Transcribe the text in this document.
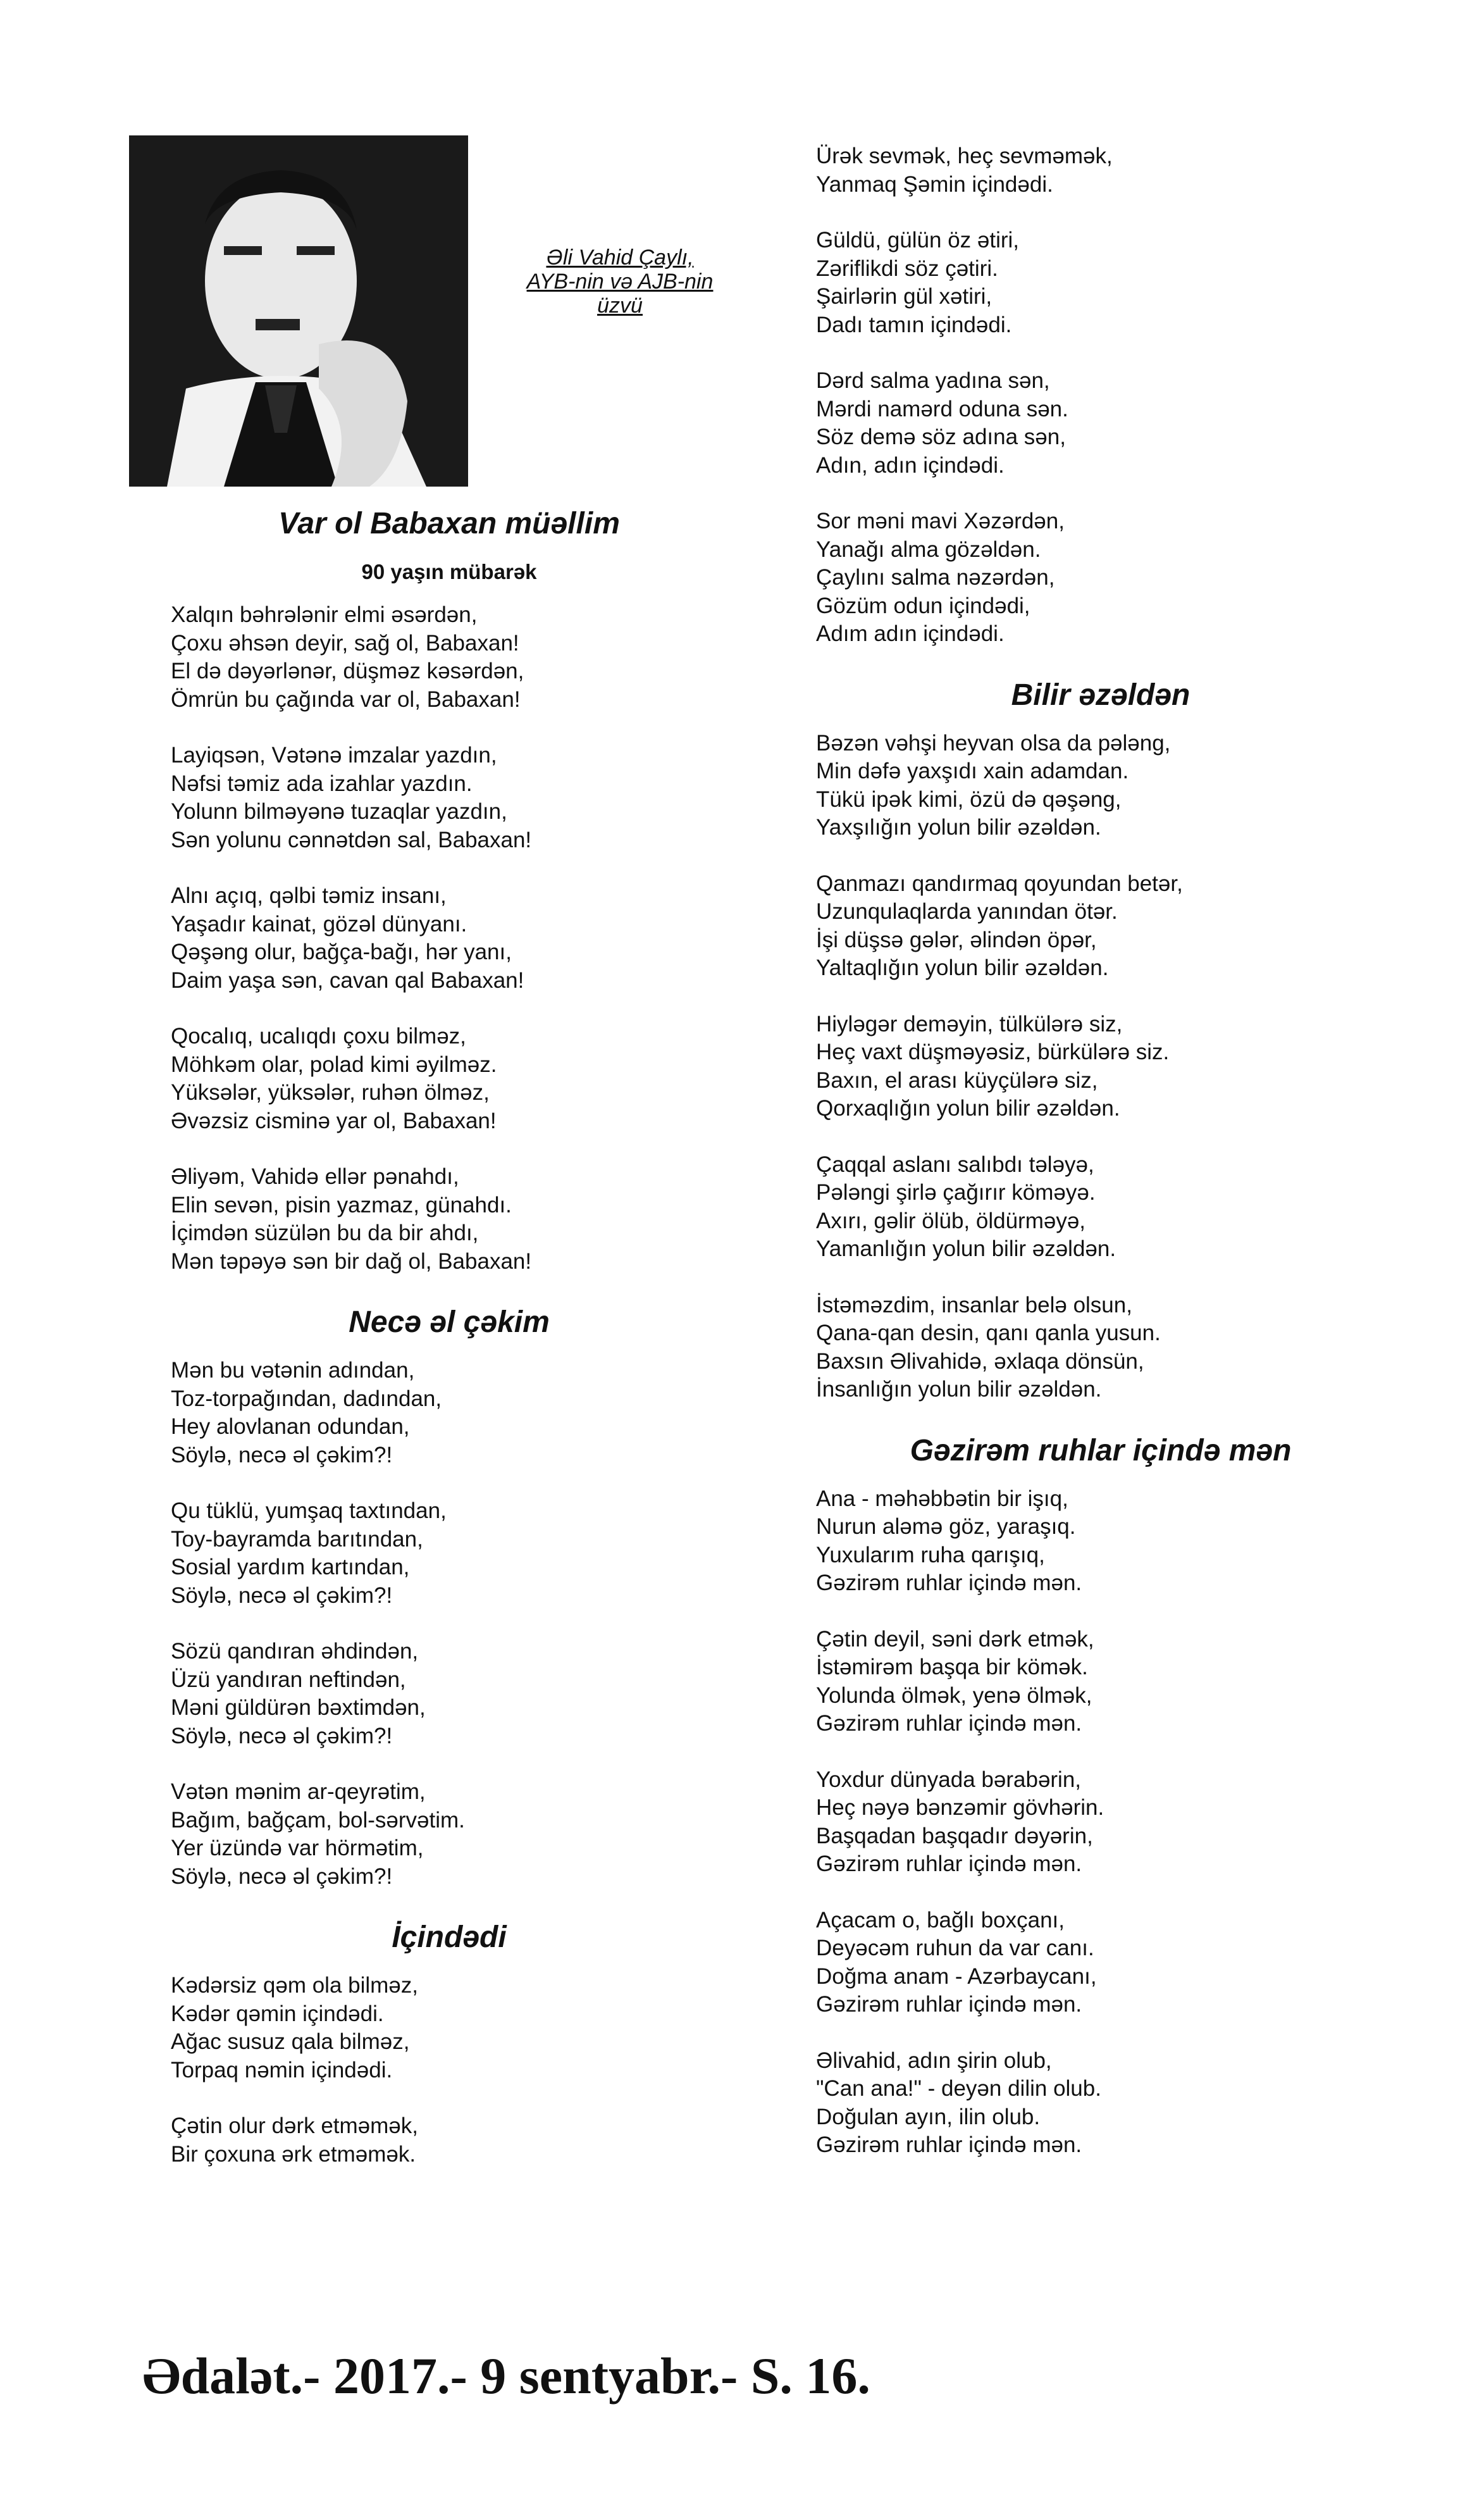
Əli Vahid Çaylı,
AYB-nin və AJB-nin
üzvü
Var ol Babaxan müəllim
90 yaşın mübarək
Xalqın bəhrələnir elmi əsərdən,
Çoxu əhsən deyir, sağ ol, Babaxan!
El də dəyərlənər, düşməz kəsərdən,
Ömrün bu çağında var ol, Babaxan!
Layiqsən, Vətənə imzalar yazdın,
Nəfsi təmiz ada izahlar yazdın.
Yolunn bilməyənə tuzaqlar yazdın,
Sən yolunu cənnətdən sal, Babaxan!
Alnı açıq, qəlbi təmiz insanı,
Yaşadır kainat, gözəl dünyanı.
Qəşəng olur, bağça-bağı, hər yanı,
Daim yaşa sən, cavan qal Babaxan!
Qocalıq, ucalıqdı çoxu bilməz,
Möhkəm olar, polad kimi əyilməz.
Yüksələr, yüksələr, ruhən ölməz,
Əvəzsiz cisminə yar ol, Babaxan!
Əliyəm, Vahidə ellər pənahdı,
Elin sevən, pisin yazmaz, günahdı.
İçimdən süzülən bu da bir ahdı,
Mən təpəyə sən bir dağ ol, Babaxan!
Necə əl çəkim
Mən bu vətənin adından,
Toz-torpağından, dadından,
Hey alovlanan odundan,
Söylə, necə əl çəkim?!
Qu tüklü, yumşaq taxtından,
Toy-bayramda barıtından,
Sosial yardım kartından,
Söylə, necə əl çəkim?!
Sözü qandıran əhdindən,
Üzü yandıran neftindən,
Məni güldürən bəxtimdən,
Söylə, necə əl çəkim?!
Vətən mənim ar-qeyrətim,
Bağım, bağçam, bol-sərvətim.
Yer üzündə var hörmətim,
Söylə, necə əl çəkim?!
İçindədi
Kədərsiz qəm ola bilməz,
Kədər qəmin içindədi.
Ağac susuz qala bilməz,
Torpaq nəmin içindədi.
Çətin olur dərk etməmək,
Bir çoxuna ərk etməmək.
Ürək sevmək, heç sevməmək,
Yanmaq Şəmin içindədi.
Güldü, gülün öz ətiri,
Zəriflikdi söz çətiri.
Şairlərin gül xətiri,
Dadı tamın içindədi.
Dərd salma yadına sən,
Mərdi namərd oduna sən.
Söz demə söz adına sən,
Adın, adın içindədi.
Sor məni mavi Xəzərdən,
Yanağı alma gözəldən.
Çaylını salma nəzərdən,
Gözüm odun içindədi,
Adım adın içindədi.
Bilir əzəldən
Bəzən vəhşi heyvan olsa da pələng,
Min dəfə yaxşıdı xain adamdan.
Tükü ipək kimi, özü də qəşəng,
Yaxşılığın yolun bilir əzəldən.
Qanmazı qandırmaq qoyundan betər,
Uzunqulaqlarda yanından ötər.
İşi düşsə gələr, əlindən öpər,
Yaltaqlığın yolun bilir əzəldən.
Hiyləgər deməyin, tülkülərə siz,
Heç vaxt düşməyəsiz, bürkülərə siz.
Baxın, el arası küyçülərə siz,
Qorxaqlığın yolun bilir əzəldən.
Çaqqal aslanı salıbdı tələyə,
Pələngi şirlə çağırır köməyə.
Axırı, gəlir ölüb, öldürməyə,
Yamanlığın yolun bilir əzəldən.
İstəməzdim, insanlar belə olsun,
Qana-qan desin, qanı qanla yusun.
Baxsın Əlivahidə, əxlaqa dönsün,
İnsanlığın yolun bilir əzəldən.
Gəzirəm ruhlar içində mən
Ana - məhəbbətin bir işıq,
Nurun aləmə göz, yaraşıq.
Yuxularım ruha qarışıq,
Gəzirəm ruhlar içində mən.
Çətin deyil, səni dərk etmək,
İstəmirəm başqa bir kömək.
Yolunda ölmək, yenə ölmək,
Gəzirəm ruhlar içində mən.
Yoxdur dünyada bərabərin,
Heç nəyə bənzəmir gövhərin.
Başqadan başqadır dəyərin,
Gəzirəm ruhlar içində mən.
Açacam o, bağlı boxçanı,
Deyəcəm ruhun da var canı.
Doğma anam - Azərbaycanı,
Gəzirəm ruhlar içində mən.
Əlivahid, adın şirin olub,
"Can ana!" - deyən dilin olub.
Doğulan ayın, ilin olub.
Gəzirəm ruhlar içində mən.
Ədalət.- 2017.- 9 sentyabr.- S. 16.
